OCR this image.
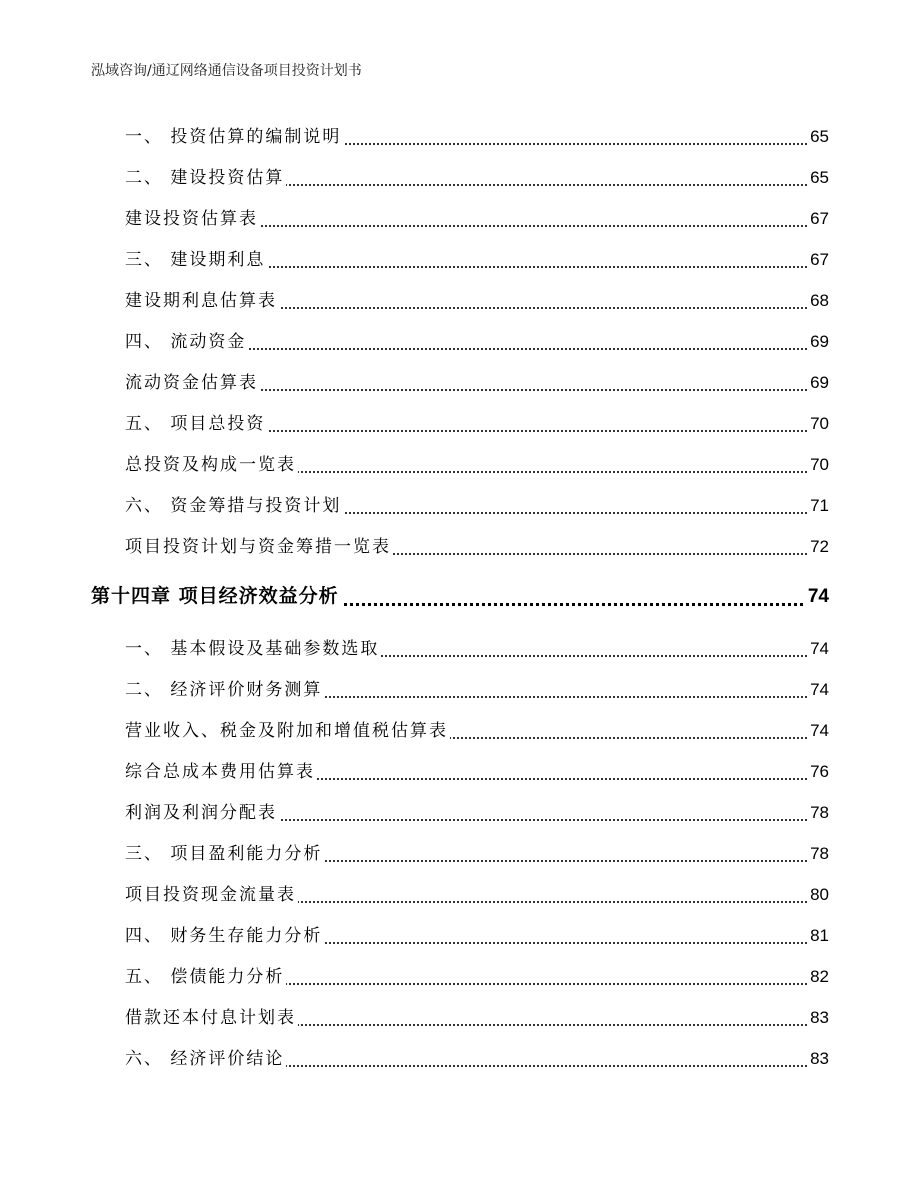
泓域咨询/通辽网络通信设备项目投资计划书
一、 投资估算的编制说明	65
二、 建设投资估算	65
建设投资估算表	67
三、 建设期利息	67
建设期利息估算表	68
四、 流动资金	69
流动资金估算表	69
五、 项目总投资	70
总投资及构成一览表	70
六、 资金筹措与投资计划	71
项目投资计划与资金筹措一览表	72
第十四章 项目经济效益分析	74
一、 基本假设及基础参数选取	74
二、 经济评价财务测算	74
营业收入、税金及附加和增值税估算表	74
综合总成本费用估算表	76
利润及利润分配表	78
三、 项目盈利能力分析	78
项目投资现金流量表	80
四、 财务生存能力分析	81
五、 偿债能力分析	82
借款还本付息计划表	83
六、 经济评价结论	83
